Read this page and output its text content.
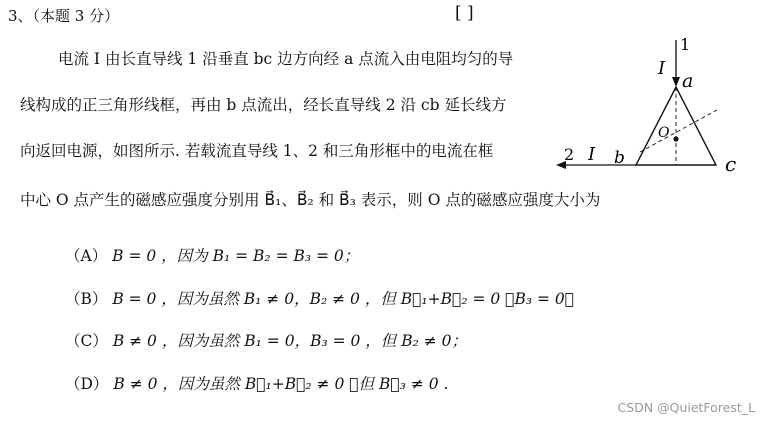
3、（本题 3 分）	[ ]
电流 I 由长直导线 1 沿垂直 bc 边方向经 a 点流入由电阻均匀的导
线构成的正三角形线框，再由 b 点流出，经长直导线 2 沿 cb 延长线方
向返回电源，如图所示. 若载流直导线 1、2 和三角形框中的电流在框
中心 O 点产生的磁感应强度分别用 B⃗₁、B⃗₂ 和 B⃗₃ 表示，则 O 点的磁感应强度大小为
（A） B = 0 ，因为 B₁ = B₂ = B₃ = 0；
（B） B = 0 ，因为虽然 B₁ ≠ 0，B₂ ≠ 0 ，但 B⃗₁+B⃗₂ = 0 ，B₃ = 0；
（C） B ≠ 0 ，因为虽然 B₁ = 0，B₃ = 0 ，但 B₂ ≠ 0；
（D） B ≠ 0 ，因为虽然 B⃗₁+B⃗₂ ≠ 0 ，但 B⃗₃ ≠ 0 .
1
I
a
O
2 I b	c
CSDN @QuietForest_L
